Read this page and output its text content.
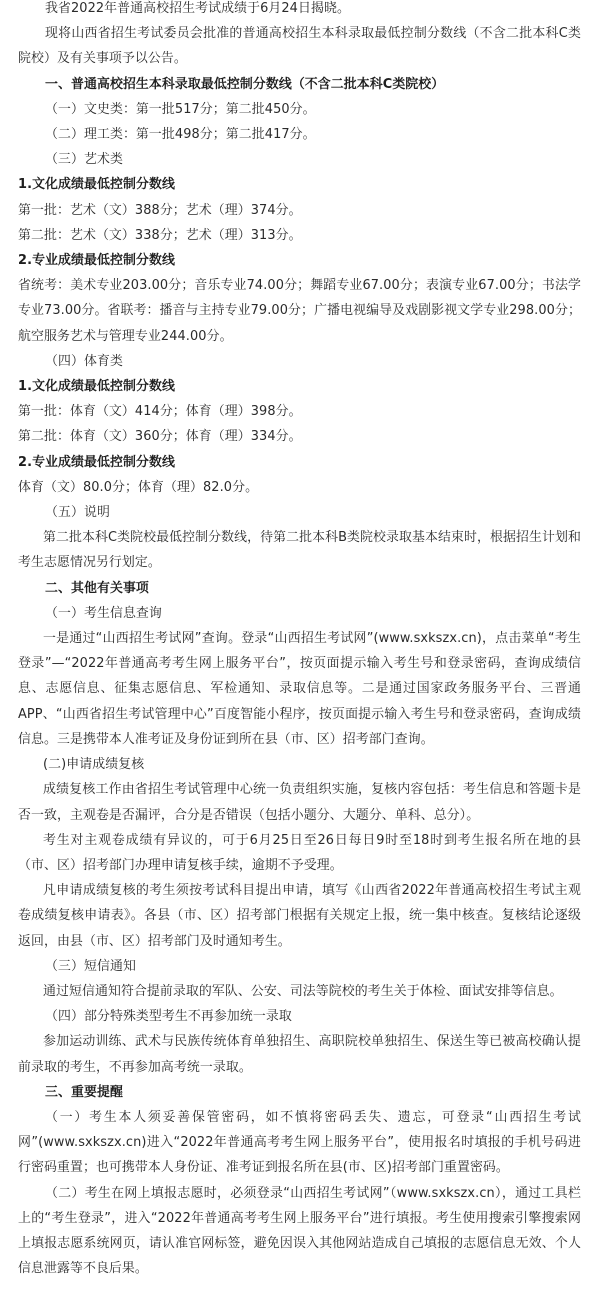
我省2022年普通高校招生考试成绩于6月24日揭晓。

现将山西省招生考试委员会批准的普通高校招生本科录取最低控制分数线（不含二批本科C类院校）及有关事项予以公告。

一、普通高校招生本科录取最低控制分数线（不含二批本科C类院校）

（一）文史类：第一批517分；第二批450分。

（二）理工类：第一批498分；第二批417分。

（三）艺术类

1.文化成绩最低控制分数线

第一批：艺术（文）388分；艺术（理）374分。

第二批：艺术（文）338分；艺术（理）313分。

2.专业成绩最低控制分数线

省统考：美术专业203.00分；音乐专业74.00分；舞蹈专业67.00分；表演专业67.00分；书法学专业73.00分。省联考：播音与主持专业79.00分；广播电视编导及戏剧影视文学专业298.00分；航空服务艺术与管理专业244.00分。

（四）体育类

1.文化成绩最低控制分数线

第一批：体育（文）414分；体育（理）398分。

第二批：体育（文）360分；体育（理）334分。

2.专业成绩最低控制分数线

体育（文）80.0分；体育（理）82.0分。

（五）说明

第二批本科C类院校最低控制分数线，待第二批本科B类院校录取基本结束时，根据招生计划和考生志愿情况另行划定。

二、其他有关事项

（一）考生信息查询

一是通过“山西招生考试网”查询。登录“山西招生考试网”(www.sxkszx.cn)，点击菜单“考生登录”—“2022年普通高考考生网上服务平台”，按页面提示输入考生号和登录密码，查询成绩信息、志愿信息、征集志愿信息、军检通知、录取信息等。二是通过国家政务服务平台、三晋通APP、“山西省招生考试管理中心”百度智能小程序，按页面提示输入考生号和登录密码，查询成绩信息。三是携带本人准考证及身份证到所在县（市、区）招考部门查询。

(二)申请成绩复核

成绩复核工作由省招生考试管理中心统一负责组织实施，复核内容包括：考生信息和答题卡是否一致，主观卷是否漏评，合分是否错误（包括小题分、大题分、单科、总分）。

考生对主观卷成绩有异议的，可于6月25日至26日每日9时至18时到考生报名所在地的县（市、区）招考部门办理申请复核手续，逾期不予受理。

凡申请成绩复核的考生须按考试科目提出申请，填写《山西省2022年普通高校招生考试主观卷成绩复核申请表》。各县（市、区）招考部门根据有关规定上报，统一集中核查。复核结论逐级返回，由县（市、区）招考部门及时通知考生。

（三）短信通知

通过短信通知符合提前录取的军队、公安、司法等院校的考生关于体检、面试安排等信息。

（四）部分特殊类型考生不再参加统一录取

参加运动训练、武术与民族传统体育单独招生、高职院校单独招生、保送生等已被高校确认提前录取的考生，不再参加高考统一录取。

三、重要提醒

（一）考生本人须妥善保管密码，如不慎将密码丢失、遗忘，可登录“山西招生考试网”(www.sxkszx.cn)进入“2022年普通高考考生网上服务平台”，使用报名时填报的手机号码进行密码重置；也可携带本人身份证、准考证到报名所在县(市、区)招考部门重置密码。

（二）考生在网上填报志愿时，必须登录“山西招生考试网”（www.sxkszx.cn），通过工具栏上的“考生登录”，进入“2022年普通高考考生网上服务平台”进行填报。考生使用搜索引擎搜索网上填报志愿系统网页，请认准官网标签，避免因误入其他网站造成自己填报的志愿信息无效、个人信息泄露等不良后果。
